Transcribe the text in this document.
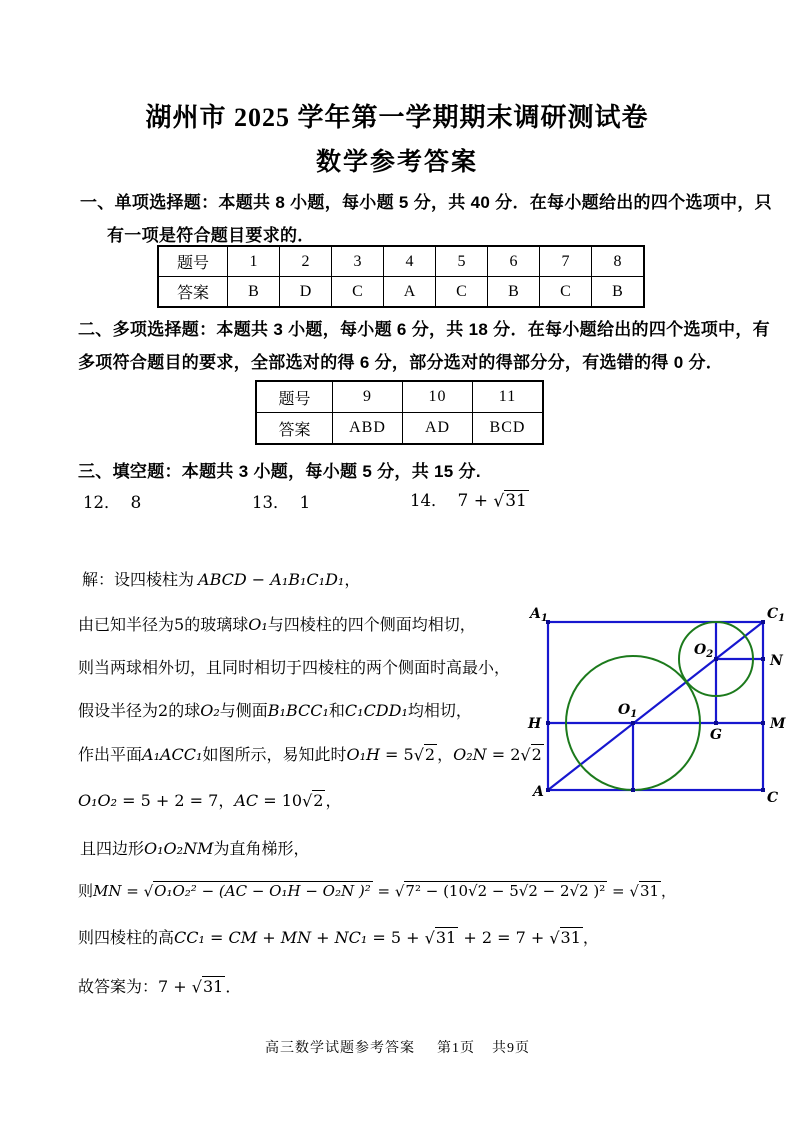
湖州市 2025 学年第一学期期末调研测试卷
数学参考答案
一、单项选择题：本题共 8 小题，每小题 5 分，共 40 分．在每小题给出的四个选项中，只
有一项是符合题目要求的．
题号	1	2	3	4	5	6	7	8
答案	B	D	C	A	C	B	C	B
二、多项选择题：本题共 3 小题，每小题 6 分，共 18 分．在每小题给出的四个选项中，有
多项符合题目的要求，全部选对的得 6 分，部分选对的得部分分，有选错的得 0 分．
题号	9	10	11
答案	ABD	AD	BCD
三、填空题：本题共 3 小题，每小题 5 分，共 15 分.
12． 8	13． 1	14． 7 + √31
解：设四棱柱为 ABCD − A₁B₁C₁D₁，
由已知半径为5的玻璃球O₁与四棱柱的四个侧面均相切，
则当两球相外切，且同时相切于四棱柱的两个侧面时高最小，
假设半径为2的球O₂与侧面B₁BCC₁和C₁CDD₁均相切，
作出平面A₁ACC₁如图所示，易知此时O₁H = 5√2 ，O₂N = 2√2
O₁O₂ = 5 + 2 = 7，AC = 10√2 ，
且四边形O₁O₂NM为直角梯形，
则MN = √O₁O₂² − (AC − O₁H − O₂N )² = √7² − (10√2 − 5√2 − 2√2 )² = √31 ，
则四棱柱的高CC₁ = CM + MN + NC₁ = 5 + √31 + 2 = 7 + √31 ，
故答案为：7 + √31 ．
$A_1$	$C_1$
H	M
$O_1$
$O_2$	N
G
A	C
高三数学试题参考答案 第1页 共9页
